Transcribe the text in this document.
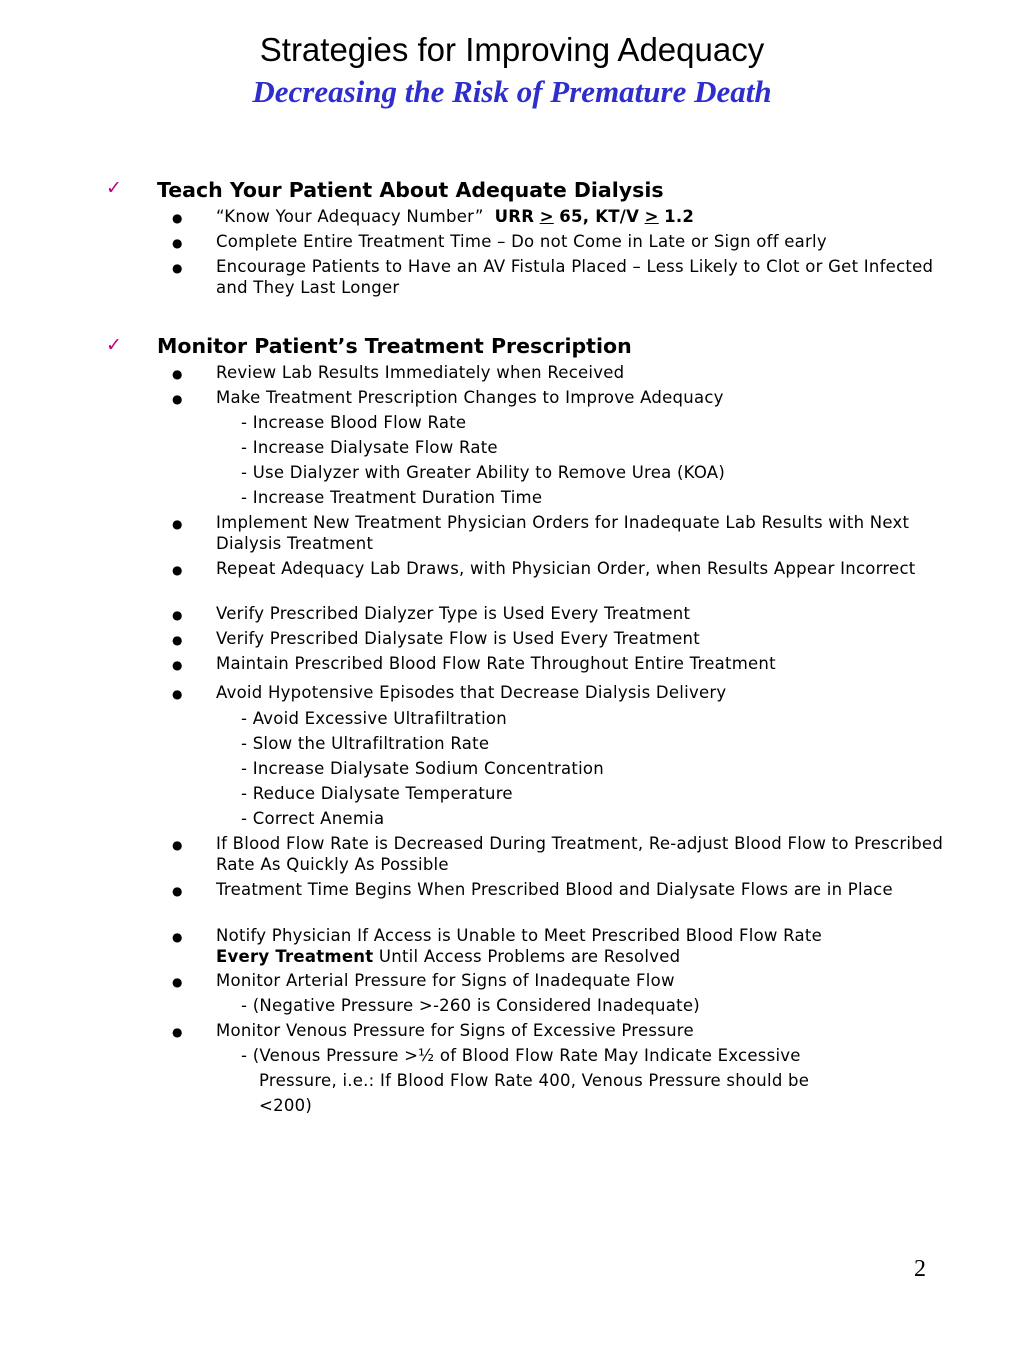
Strategies for Improving Adequacy
Decreasing the Risk of Premature Death
✓ Teach Your Patient About Adequate Dialysis
● “Know Your Adequacy Number” URR ≥ 65, KT/V ≥ 1.2
● Complete Entire Treatment Time – Do not Come in Late or Sign off early
● Encourage Patients to Have an AV Fistula Placed – Less Likely to Clot or Get Infected and They Last Longer
✓ Monitor Patient’s Treatment Prescription
● Review Lab Results Immediately when Received
● Make Treatment Prescription Changes to Improve Adequacy
- Increase Blood Flow Rate
- Increase Dialysate Flow Rate
- Use Dialyzer with Greater Ability to Remove Urea (KOA)
- Increase Treatment Duration Time
● Implement New Treatment Physician Orders for Inadequate Lab Results with Next Dialysis Treatment
● Repeat Adequacy Lab Draws, with Physician Order, when Results Appear Incorrect
● Verify Prescribed Dialyzer Type is Used Every Treatment
● Verify Prescribed Dialysate Flow is Used Every Treatment
● Maintain Prescribed Blood Flow Rate Throughout Entire Treatment
● Avoid Hypotensive Episodes that Decrease Dialysis Delivery
- Avoid Excessive Ultrafiltration
- Slow the Ultrafiltration Rate
- Increase Dialysate Sodium Concentration
- Reduce Dialysate Temperature
- Correct Anemia
● If Blood Flow Rate is Decreased During Treatment, Re-adjust Blood Flow to Prescribed Rate As Quickly As Possible
● Treatment Time Begins When Prescribed Blood and Dialysate Flows are in Place
● Notify Physician If Access is Unable to Meet Prescribed Blood Flow Rate
Every Treatment Until Access Problems are Resolved
● Monitor Arterial Pressure for Signs of Inadequate Flow
- (Negative Pressure >-260 is Considered Inadequate)
● Monitor Venous Pressure for Signs of Excessive Pressure
- (Venous Pressure >½ of Blood Flow Rate May Indicate Excessive
Pressure, i.e.: If Blood Flow Rate 400, Venous Pressure should be
<200)
2
